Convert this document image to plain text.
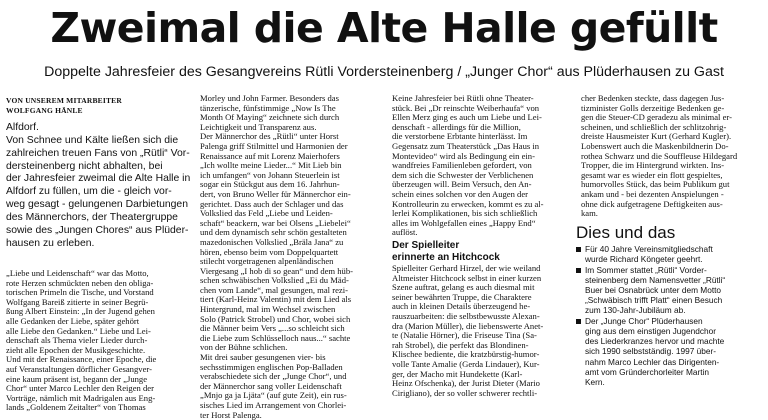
Zweimal die Alte Halle gefüllt
Doppelte Jahresfeier des Gesangvereins Rütli Vordersteinenberg / „Junger Chor“ aus Plüderhausen zu Gast
VON UNSEREM MITARBEITER
WOLFGANG HÄNLE
Alfdorf.
Von Schnee und Kälte ließen sich die
zahlreichen treuen Fans von „Rütli“ Vor-
dersteinenberg nicht abhalten, bei
der Jahresfeier zweimal die Alte Halle in
Alfdorf zu füllen, um die - gleich vor-
weg gesagt - gelungenen Darbietungen
des Männerchors, der Theatergruppe
sowie des „Jungen Chores“ aus Plüder-
hausen zu erleben.
„Liebe und Leidenschaft“ war das Motto,
rote Herzen schmückten neben den obliga-
torischen Primeln die Tische, und Vorstand
Wolfgang Bareiß zitierte in seiner Begrü-
ßung Albert Einstein: „In der Jugend gehen
alle Gedanken der Liebe, später gehört
alle Liebe den Gedanken.“ Liebe und Lei-
denschaft als Thema vieler Lieder durch-
zieht alle Epochen der Musikgeschichte.
Und mit der Renaissance, einer Epoche, die
auf Veranstaltungen dörflicher Gesangver-
eine kaum präsent ist, begann der „Junge
Chor“ unter Marco Lechler den Reigen der
Vorträge, nämlich mit Madrigalen aus Eng-
lands „Goldenem Zeitalter“ von Thomas
Morley und John Farmer. Besonders das
tänzerische, fünfstimmige „Now Is The
Month Of Maying“ zeichnete sich durch
Leichtigkeit und Transparenz aus.
Der Männerchor des „Rütli“ unter Horst
Palenga griff Stilmittel und Harmonien der
Renaissance auf mit Lorenz Maierhofers
„Ich wollte meine Lieder...“ Mit Lieb bin
ich umfangen“ von Johann Steuerlein ist
sogar ein Stückgut aus dem 16. Jahrhun-
dert, von Bruno Weller für Männerchor ein-
gerichtet. Dass auch der Schlager und das
Volkslied das Feld „Liebe und Leiden-
schaft“ beackern, war bei Olsens „Liebelei“
und dem dynamisch sehr schön gestalteten
mazedonischen Volkslied „Bräla Jana“ zu
hören, ebenso beim vom Doppelquartett
stilecht vorgetragenen alpenländischen
Viergesang „I hob di so gean“ und dem hüb-
schen schwäbischen Volkslied „Ei du Mäd-
chen vom Lande“, mal gesungen, mal rezi-
tiert (Karl-Heinz Valentin) mit dem Lied als
Hintergrund, mal im Wechsel zwischen
Solo (Patrick Strobel) und Chor, wobei sich
die Männer beim Vers „...so schleicht sich
die Liebe zum Schlüsselloch naus...“ sachte
von der Bühne schlichen.
Mit drei sauber gesungenen vier- bis
sechsstimmigen englischen Pop-Balladen
verabschiedete sich der „Junge Chor“, und
der Männerchor sang voller Leidenschaft
„Mnjo ga ja Ljäta“ (auf gute Zeit), ein rus-
sisches Lied im Arrangement von Chorlei-
ter Horst Palenga.
Keine Jahresfeier bei Rütli ohne Theater-
stück. Bei „Dr reinschte Weiberhaufa“ von
Ellen Merz ging es auch um Liebe und Lei-
denschaft - allerdings für die Million,
die verstorbene Erbtante hinterlässt. Im
Gegensatz zum Theaterstück „Das Haus in
Montevideo“ wird als Bedingung ein ein-
wandfreies Familienleben gefordert, von
dem sich die Schwester der Verblichenen
überzeugen will. Beim Versuch, den An-
schein eines solchen vor den Augen der
Kontrolleurin zu erwecken, kommt es zu al-
lerlei Komplikationen, bis sich schließlich
alles im Wohlgefallen eines „Happy End“
auflöst.
Der Spielleiter
erinnerte an Hitchcock
Spielleiter Gerhard Hirzel, der wie weiland
Altmeister Hitchcock selbst in einer kurzen
Szene auftrat, gelang es auch diesmal mit
seiner bewährten Truppe, die Charaktere
auch in kleinen Details überzeugend he-
rauszuarbeiten: die selbstbewusste Alexan-
dra (Marion Müller), die liebenswerte Anet-
te (Natalie Hörner), die Friseuse Tina (Sa-
rah Strobel), die perfekt das Blondinen-
Klischee bediente, die kratzbürstig-humor-
volle Tante Amalie (Gerda Lindauer), Kur-
ger, der Macho mit Hundekette (Karl-
Heinz Ofschenka), der Jurist Dieter (Mario
Cirigliano), der so voller schwerer rechtli-
cher Bedenken steckte, dass dagegen Jus-
tizminister Golls derzeitige Bedenken ge-
gen die Steuer-CD geradezu als minimal er-
scheinen, und schließlich der schlitzohrig-
dreiste Hausmeister Kurt (Gerhard Kugler).
Lobenswert auch die Maskenbildnerin Do-
rothea Schwarz und die Souffleuse Hildegard
Tropper, die im Hintergrund wirkten. Ins-
gesamt war es wieder ein flott gespieltes,
humorvolles Stück, das beim Publikum gut
ankam und - bei dezenten Anspielungen -
ohne dick aufgetragene Deftigkeiten aus-
kam.
Dies und das
Für 40 Jahre Vereinsmitgliedschaft
wurde Richard Köngeter geehrt.
Im Sommer stattet „Rütli“ Vorder-
steinenberg dem Namensvetter „Rütli“
Buer bei Osnabrück unter dem Motto
„Schwäbisch trifft Platt“ einen Besuch
zum 130-Jahr-Jubiläum ab.
Der „Junge Chor“ Plüderhausen
ging aus dem einstigen Jugendchor
des Liederkranzes hervor und machte
sich 1990 selbstständig. 1997 über-
nahm Marco Lechler das Dirigenten-
amt vom Gründerchorleiter Martin
Kern.
